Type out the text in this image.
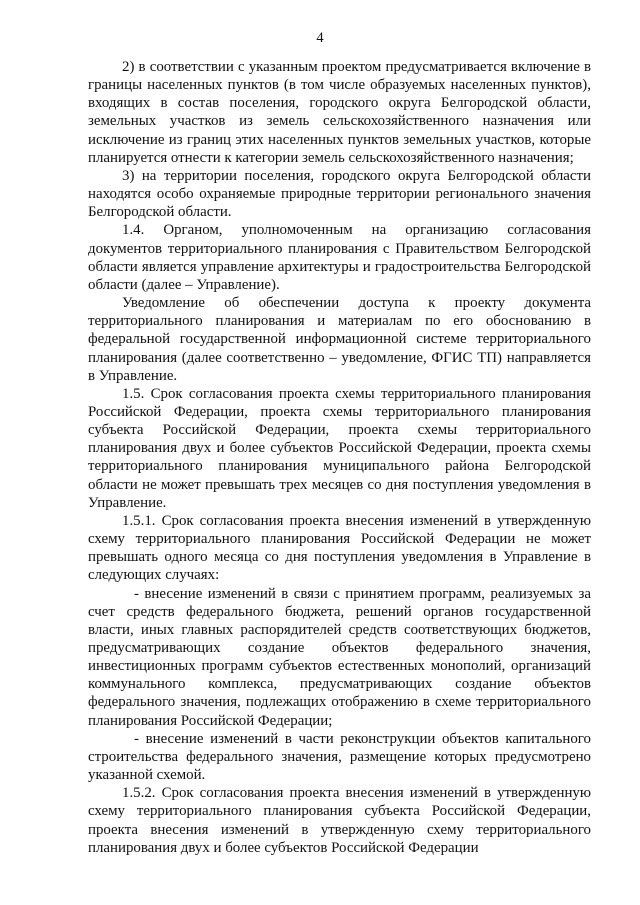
4

2) в соответствии с указанным проектом предусматривается включение в границы населенных пунктов (в том числе образуемых населенных пунктов), входящих в состав поселения, городского округа Белгородской области, земельных участков из земель сельскохозяйственного назначения или исключение из границ этих населенных пунктов земельных участков, которые планируется отнести к категории земель сельскохозяйственного назначения;

3) на территории поселения, городского округа Белгородской области находятся особо охраняемые природные территории регионального значения Белгородской области.

1.4. Органом, уполномоченным на организацию согласования документов территориального планирования с Правительством Белгородской области является управление архитектуры и градостроительства Белгородской области (далее – Управление).

Уведомление об обеспечении доступа к проекту документа территориального планирования и материалам по его обоснованию в федеральной государственной информационной системе территориального планирования (далее соответственно – уведомление, ФГИС ТП) направляется в Управление.

1.5. Срок согласования проекта схемы территориального планирования Российской Федерации, проекта схемы территориального планирования субъекта Российской Федерации, проекта схемы территориального планирования двух и более субъектов Российской Федерации, проекта схемы территориального планирования муниципального района Белгородской области не может превышать трех месяцев со дня поступления уведомления в Управление.

1.5.1. Срок согласования проекта внесения изменений в утвержденную схему территориального планирования Российской Федерации не может превышать одного месяца со дня поступления уведомления в Управление в следующих случаях:

- внесение изменений в связи с принятием программ, реализуемых за счет средств федерального бюджета, решений органов государственной власти, иных главных распорядителей средств соответствующих бюджетов, предусматривающих создание объектов федерального значения, инвестиционных программ субъектов естественных монополий, организаций коммунального комплекса, предусматривающих создание объектов федерального значения, подлежащих отображению в схеме территориального планирования Российской Федерации;

- внесение изменений в части реконструкции объектов капитального строительства федерального значения, размещение которых предусмотрено указанной схемой.

1.5.2. Срок согласования проекта внесения изменений в утвержденную схему территориального планирования субъекта Российской Федерации, проекта внесения изменений в утвержденную схему территориального планирования двух и более субъектов Российской Федерации
